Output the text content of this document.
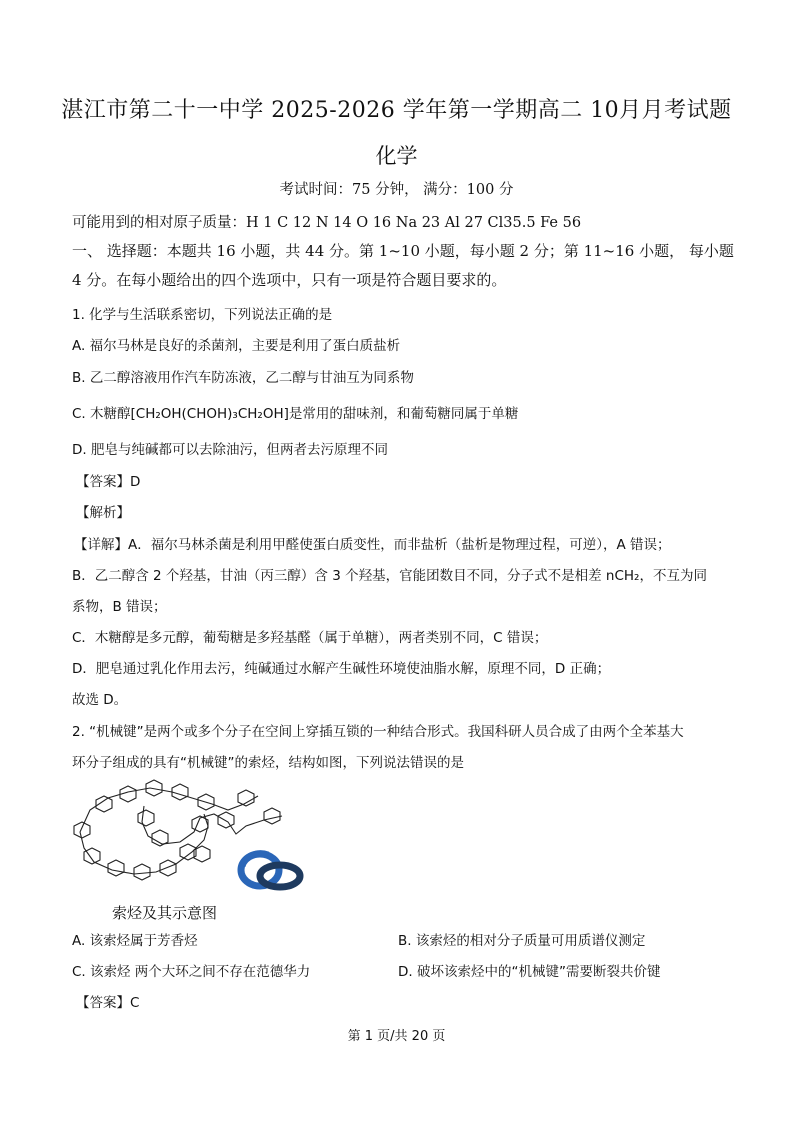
湛江市第二十一中学 2025-2026 学年第一学期高二 10月月考试题
化学
考试时间：75 分钟， 满分：100 分
可能用到的相对原子质量：H 1 C 12 N 14 O 16 Na 23 Al 27 Cl35.5 Fe 56
一、 选择题：本题共 16 小题，共 44 分。第 1~10 小题，每小题 2 分；第 11~16 小题， 每小题
4 分。在每小题给出的四个选项中，只有一项是符合题目要求的。
1. 化学与生活联系密切，下列说法正确的是
A. 福尔马林是良好的杀菌剂，主要是利用了蛋白质盐析
B. 乙二醇溶液用作汽车防冻液，乙二醇与甘油互为同系物
C. 木糖醇[CH₂OH(CHOH)₃CH₂OH]是常用的甜味剂，和葡萄糖同属于单糖
D. 肥皂与纯碱都可以去除油污，但两者去污原理不同
【答案】D
【解析】
【详解】A．福尔马林杀菌是利用甲醛使蛋白质变性，而非盐析（盐析是物理过程，可逆），A 错误；
B．乙二醇含 2 个羟基，甘油（丙三醇）含 3 个羟基，官能团数目不同，分子式不是相差 nCH₂，不互为同
系物，B 错误；
C．木糖醇是多元醇，葡萄糖是多羟基醛（属于单糖），两者类别不同，C 错误；
D．肥皂通过乳化作用去污，纯碱通过水解产生碱性环境使油脂水解，原理不同，D 正确；
故选 D。
2. “机械键”是两个或多个分子在空间上穿插互锁的一种结合形式。我国科研人员合成了由两个全苯基大
环分子组成的具有“机械键”的索烃，结构如图，下列说法错误的是
索烃及其示意图
A. 该索烃属于芳香烃	B. 该索烃的相对分子质量可用质谱仪测定
C. 该索烃 两个大环之间不存在范德华力	D. 破坏该索烃中的“机械键”需要断裂共价键
【答案】C
第 1 页/共 20 页
